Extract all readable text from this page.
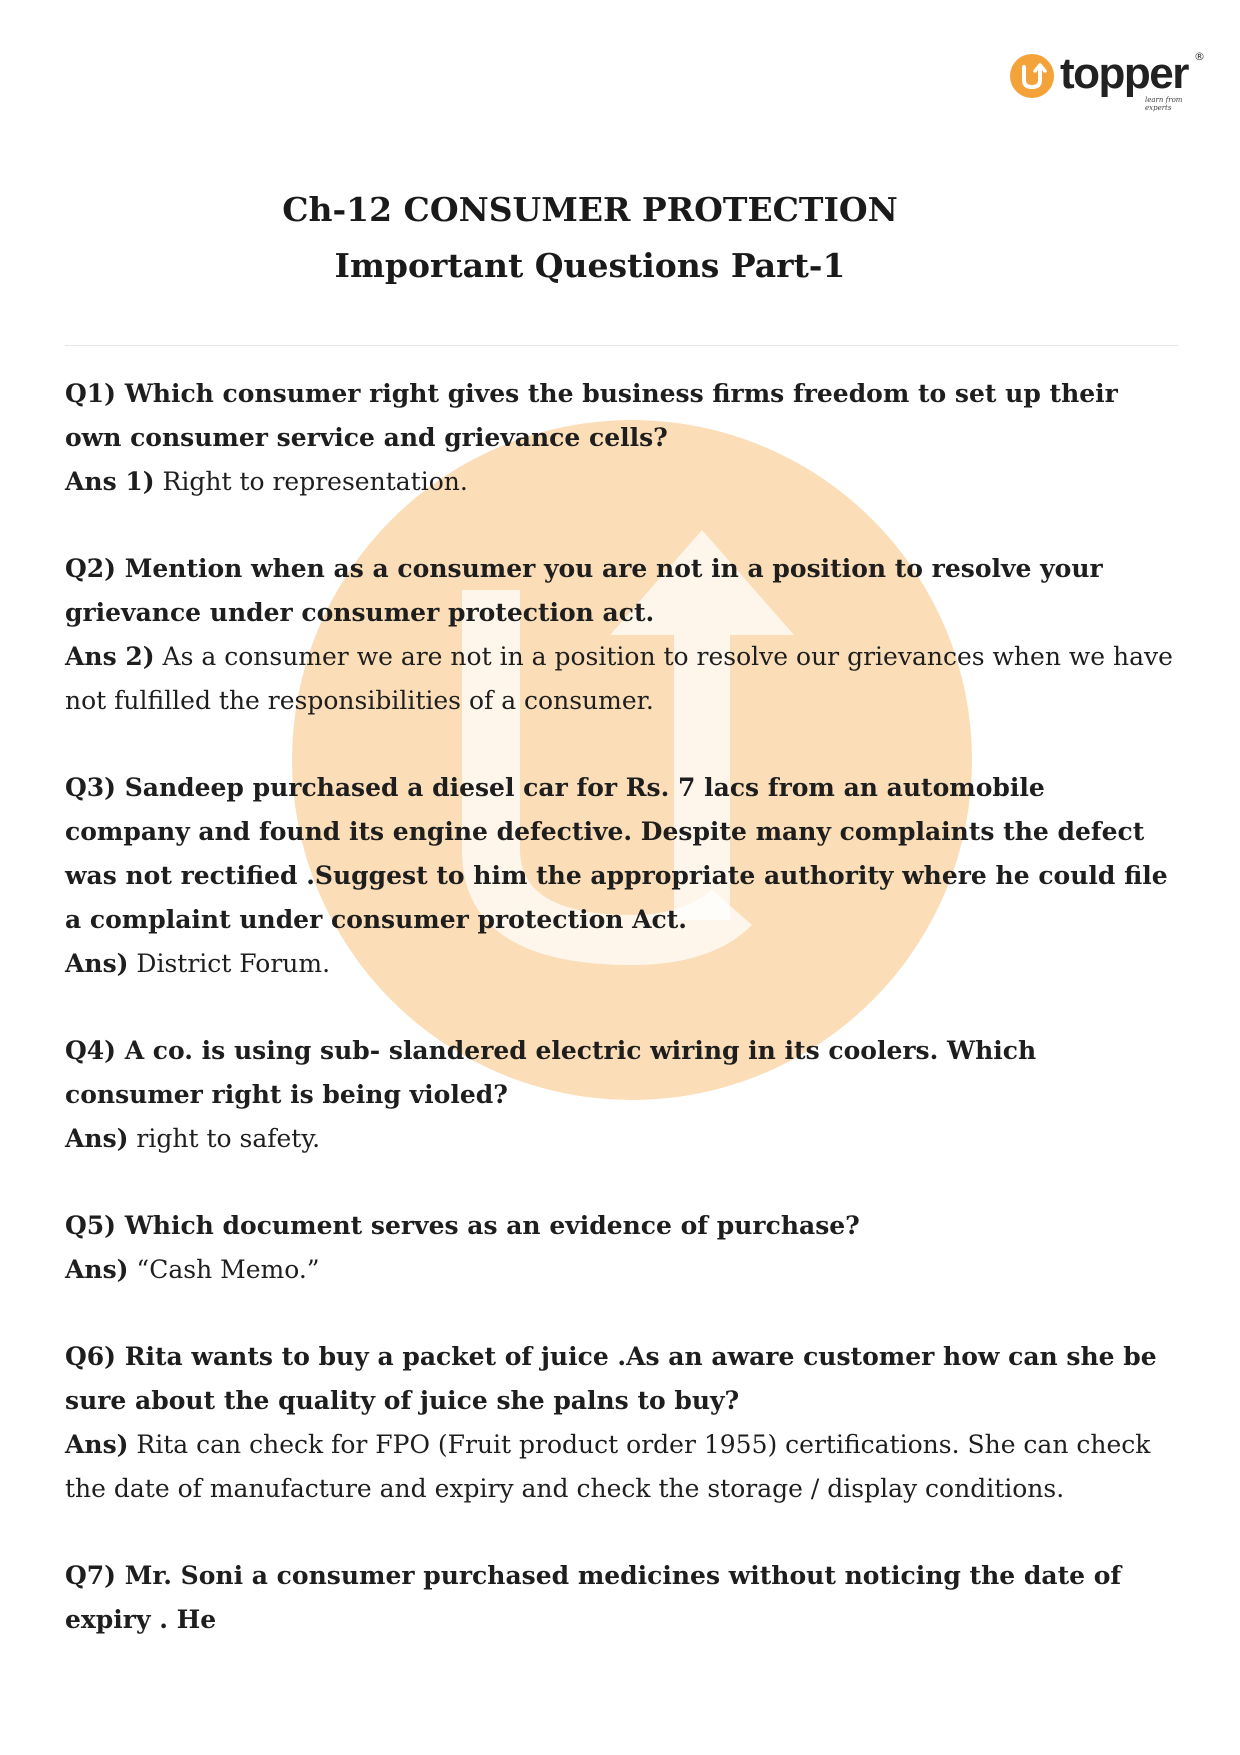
topper ®
learn from experts
Ch-12 CONSUMER PROTECTION
Important Questions Part-1

Q1) Which consumer right gives the business firms freedom to set up their own consumer service and grievance cells?

Ans 1) Right to representation.

Q2) Mention when as a consumer you are not in a position to resolve your grievance under consumer protection act.

Ans 2) As a consumer we are not in a position to resolve our grievances when we have not fulfilled the responsibilities of a consumer.

Q3) Sandeep purchased a diesel car for Rs. 7 lacs from an automobile company and found its engine defective. Despite many complaints the defect was not rectified .Suggest to him the appropriate authority where he could file a complaint under consumer protection Act.

Ans) District Forum.

Q4) A co. is using sub- slandered electric wiring in its coolers. Which consumer right is being violed?

Ans) right to safety.

Q5) Which document serves as an evidence of purchase?

Ans) “Cash Memo.”

Q6) Rita wants to buy a packet of juice .As an aware customer how can she be sure about the quality of juice she palns to buy?

Ans) Rita can check for FPO (Fruit product order 1955) certifications. She can check the date of manufacture and expiry and check the storage / display conditions.

Q7) Mr. Soni a consumer purchased medicines without noticing the date of expiry . He
